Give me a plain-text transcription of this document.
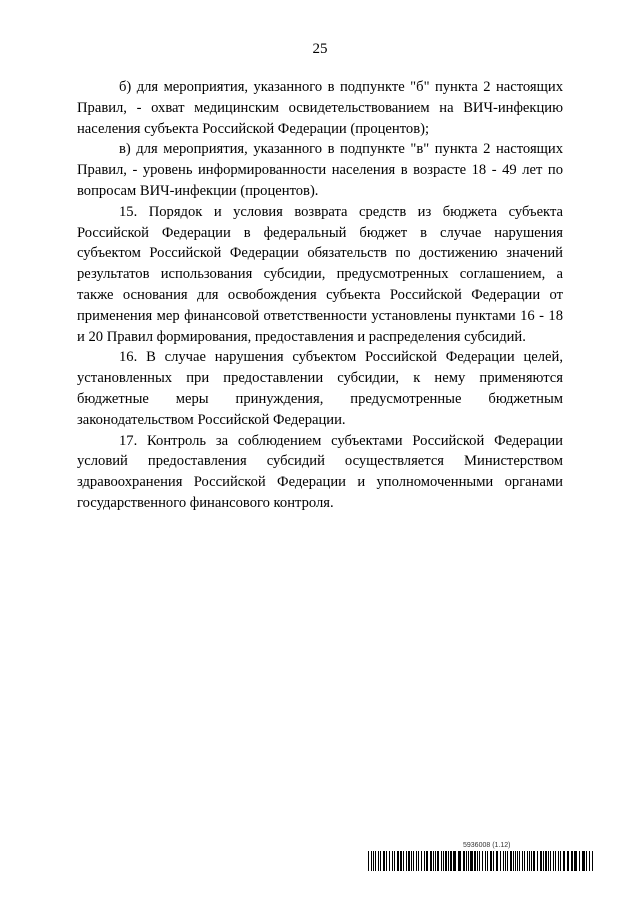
25

б) для мероприятия, указанного в подпункте "б" пункта 2 настоящих Правил, - охват медицинским освидетельствованием на ВИЧ-инфекцию населения субъекта Российской Федерации (процентов);

в) для мероприятия, указанного в подпункте "в" пункта 2 настоящих Правил, - уровень информированности населения в возрасте 18 - 49 лет по вопросам ВИЧ-инфекции (процентов).

15. Порядок и условия возврата средств из бюджета субъекта Российской Федерации в федеральный бюджет в случае нарушения субъектом Российской Федерации обязательств по достижению значений результатов использования субсидии, предусмотренных соглашением, а также основания для освобождения субъекта Российской Федерации от применения мер финансовой ответственности установлены пунктами 16 - 18 и 20 Правил формирования, предоставления и распределения субсидий.

16. В случае нарушения субъектом Российской Федерации целей, установленных при предоставлении субсидии, к нему применяются бюджетные меры принуждения, предусмотренные бюджетным законодательством Российской Федерации.

17. Контроль за соблюдением субъектами Российской Федерации условий предоставления субсидий осуществляется Министерством здравоохранения Российской Федерации и уполномоченными органами государственного финансового контроля.

5936008 (1.12)
